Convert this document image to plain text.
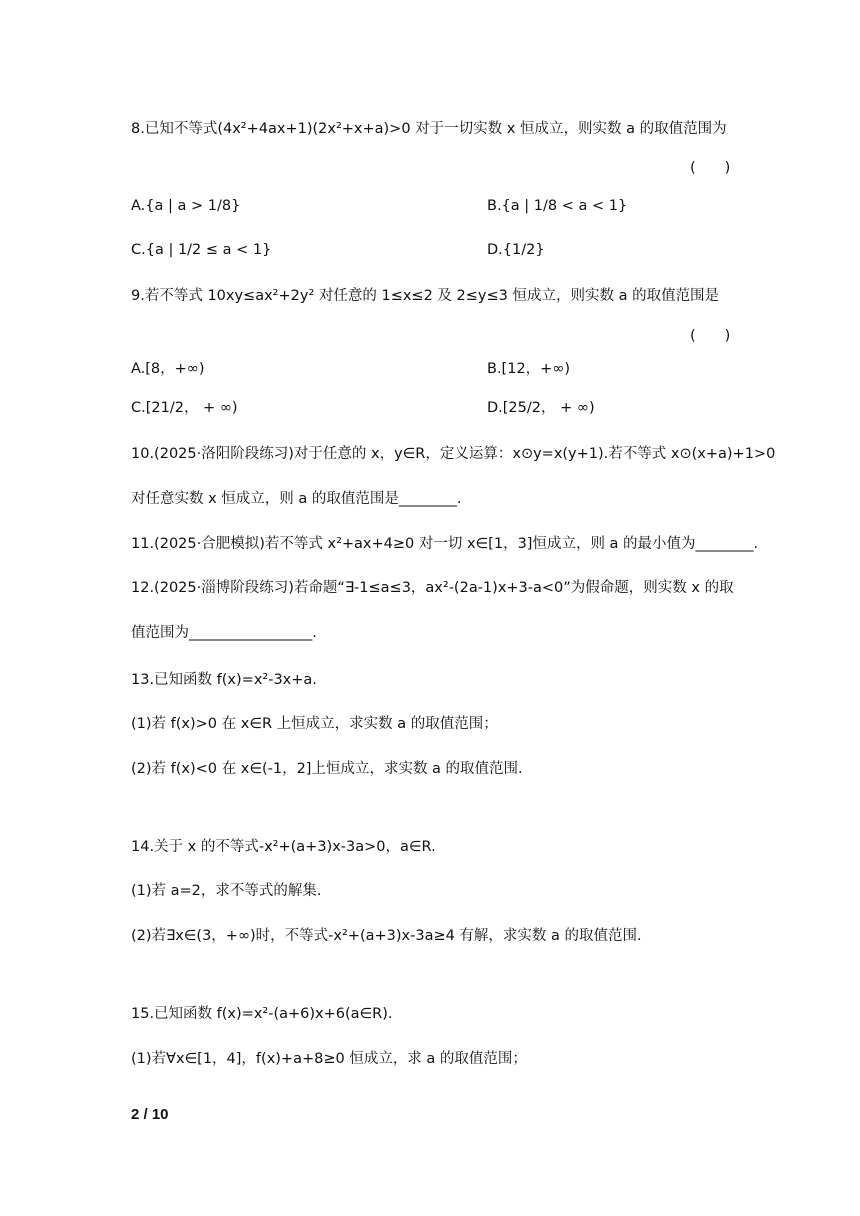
8.已知不等式(4x²+4ax+1)(2x²+x+a)>0 对于一切实数 x 恒成立，则实数 a 的取值范围为
(　　)
A.{a | a > 1/8}	B.{a | 1/8 < a < 1}
C.{a | 1/2 ≤ a < 1}	D.{1/2}
9.若不等式 10xy≤ax²+2y² 对任意的 1≤x≤2 及 2≤y≤3 恒成立，则实数 a 的取值范围是
(　　)
A.[8，+∞)	B.[12，+∞)
C.[21/2， + ∞)	D.[25/2， + ∞)
10.(2025·洛阳阶段练习)对于任意的 x，y∈R，定义运算：x⊙y=x(y+1).若不等式 x⊙(x+a)+1>0
对任意实数 x 恒成立，则 a 的取值范围是________.
11.(2025·合肥模拟)若不等式 x²+ax+4≥0 对一切 x∈[1，3]恒成立，则 a 的最小值为________.
12.(2025·淄博阶段练习)若命题“∃-1≤a≤3，ax²-(2a-1)x+3-a<0”为假命题，则实数 x 的取
值范围为_________________.
13.已知函数 f(x)=x²-3x+a.
(1)若 f(x)>0 在 x∈R 上恒成立，求实数 a 的取值范围；
(2)若 f(x)<0 在 x∈(-1，2]上恒成立，求实数 a 的取值范围.
14.关于 x 的不等式-x²+(a+3)x-3a>0，a∈R.
(1)若 a=2，求不等式的解集.
(2)若∃x∈(3，+∞)时，不等式-x²+(a+3)x-3a≥4 有解，求实数 a 的取值范围.
15.已知函数 f(x)=x²-(a+6)x+6(a∈R).
(1)若∀x∈[1，4]，f(x)+a+8≥0 恒成立，求 a 的取值范围；
2 / 10
